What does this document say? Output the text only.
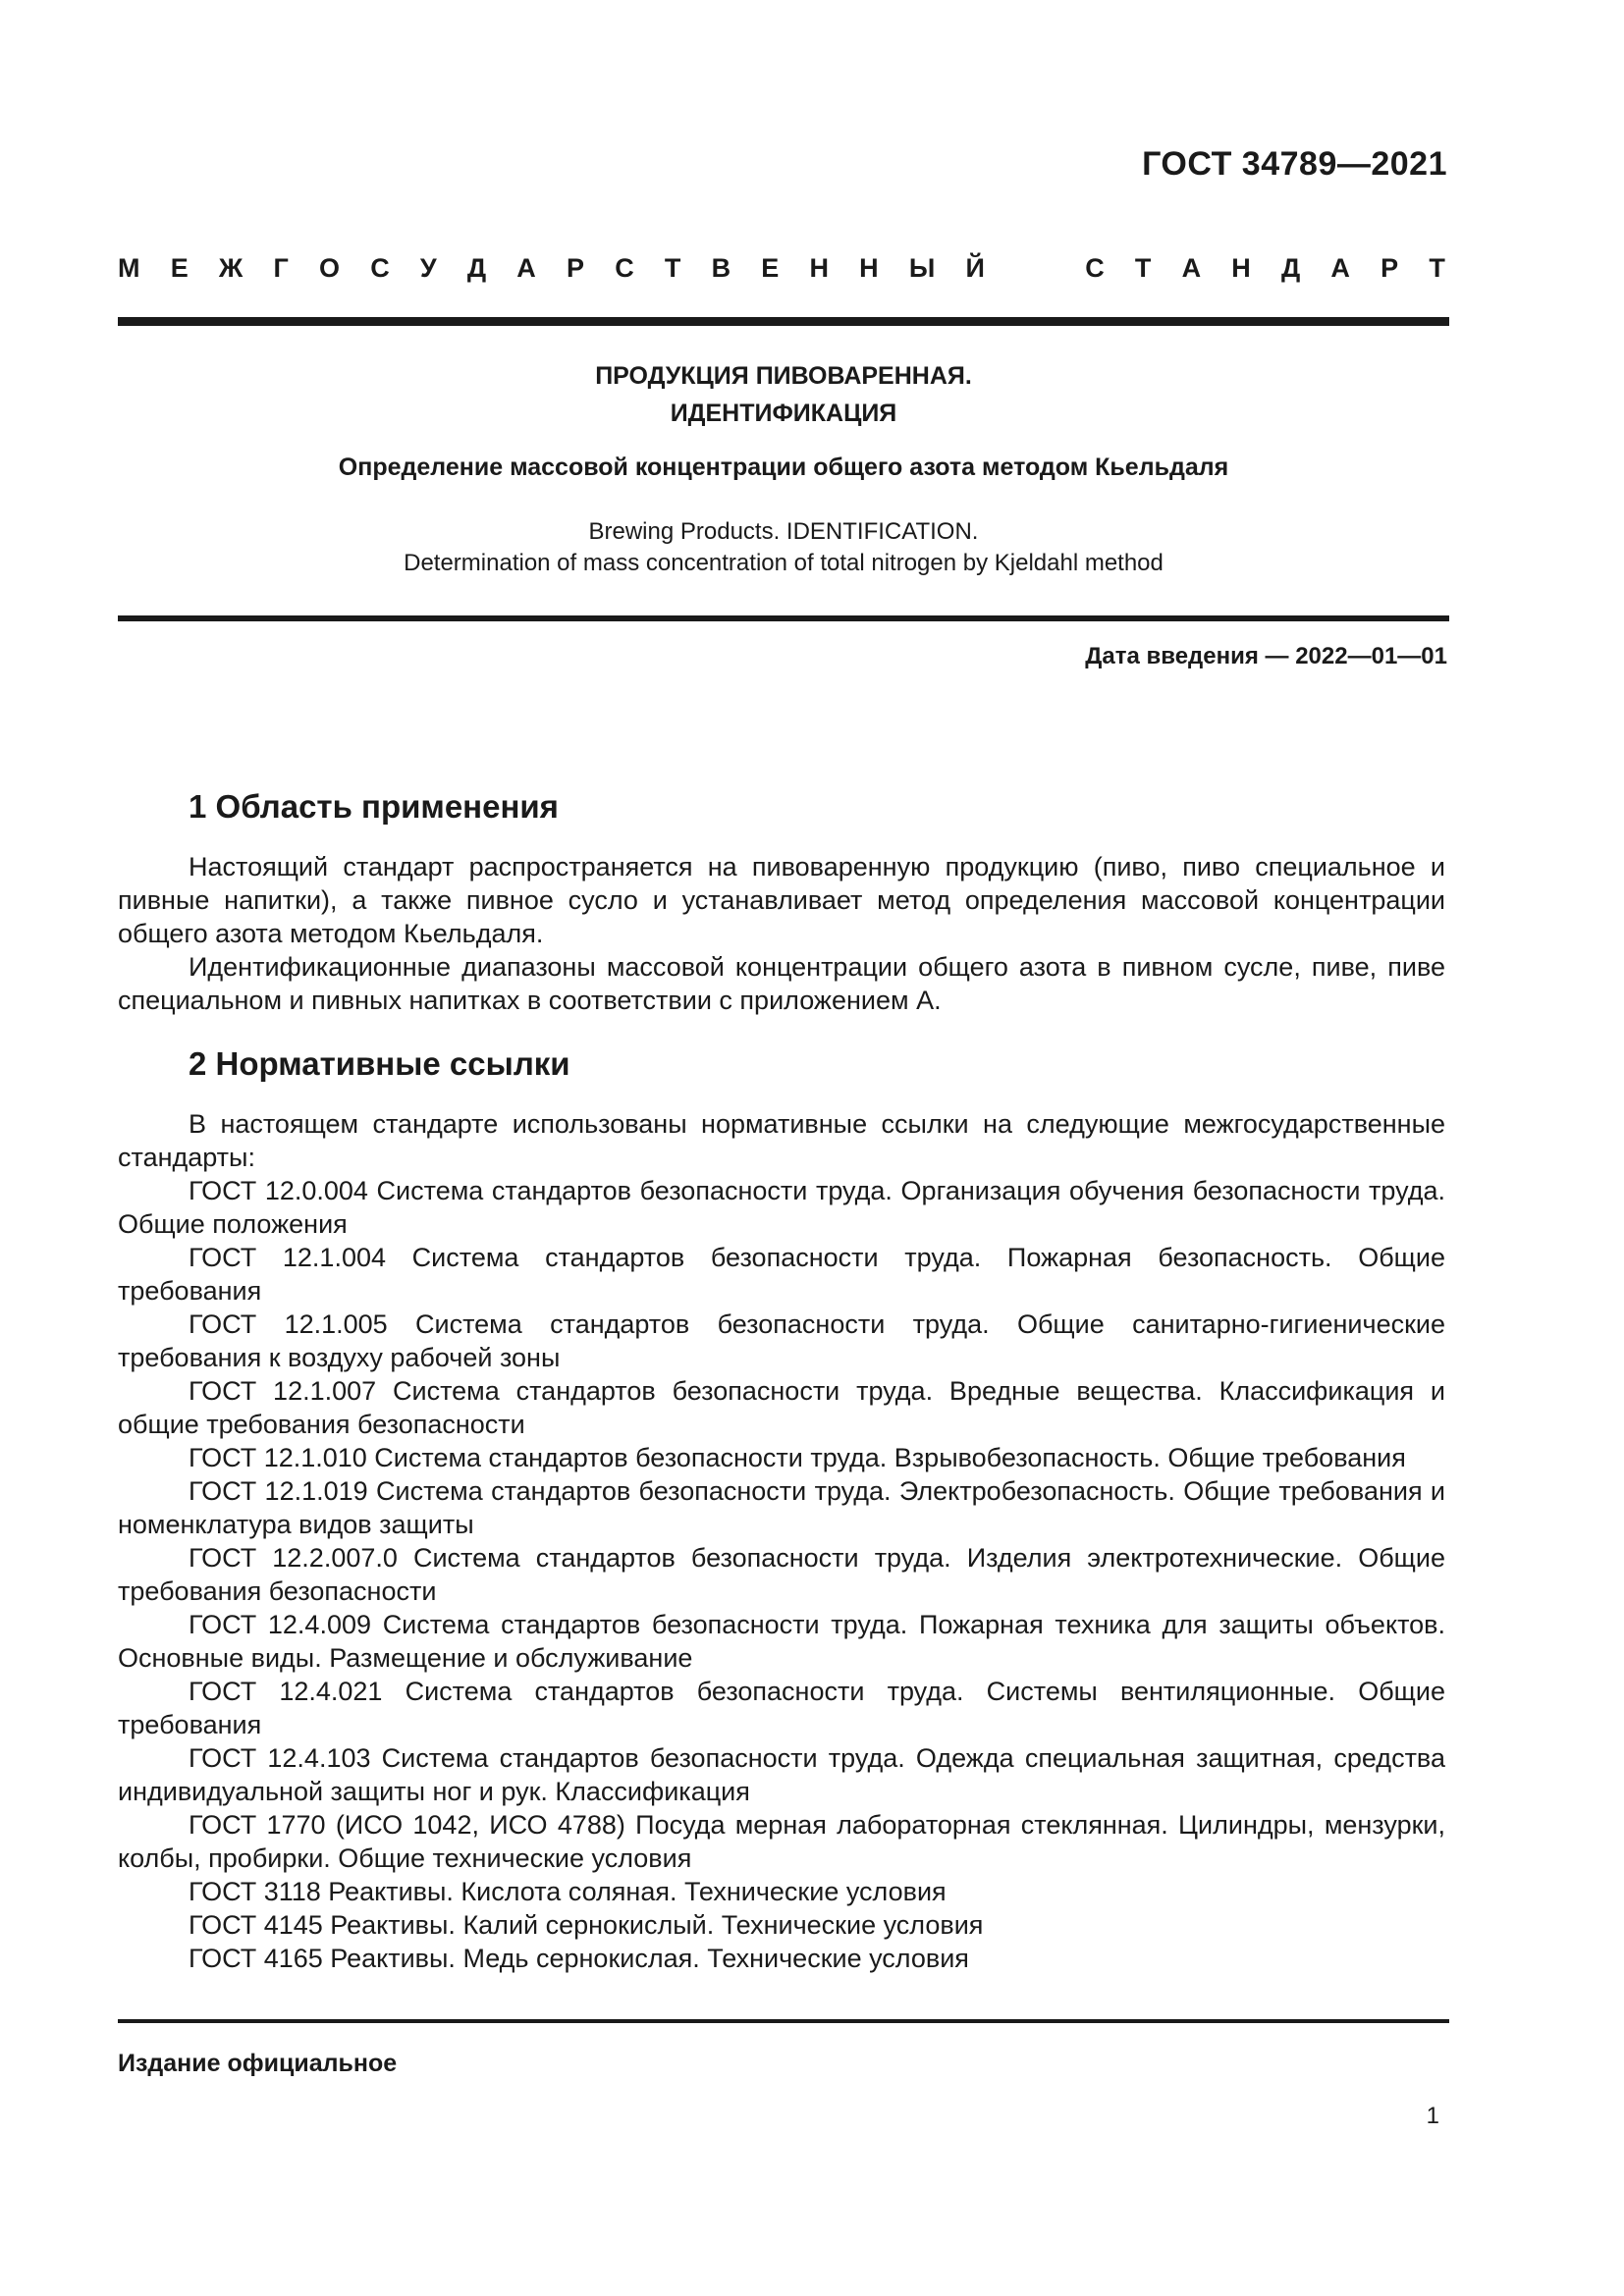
ГОСТ 34789—2021
М Е Ж Г О С У Д А Р С Т В Е Н Н Ы Й	С Т А Н Д А Р Т
ПРОДУКЦИЯ ПИВОВАРЕННАЯ.
ИДЕНТИФИКАЦИЯ
Определение массовой концентрации общего азота методом Кьельдаля
Brewing Products. IDENTIFICATION.
Determination of mass concentration of total nitrogen by Kjeldahl method
Дата введения — 2022—01—01
1 Область применения

Настоящий стандарт распространяется на пивоваренную продукцию (пиво, пиво специальное и пивные напитки), а также пивное сусло и устанавливает метод определения массовой концентрации общего азота методом Кьельдаля.

Идентификационные диапазоны массовой концентрации общего азота в пивном сусле, пиве, пиве специальном и пивных напитках в соответствии с приложением А.

2 Нормативные ссылки

В настоящем стандарте использованы нормативные ссылки на следующие межгосударственные стандарты:

ГОСТ 12.0.004 Система стандартов безопасности труда. Организация обучения безопасности труда. Общие положения

ГОСТ 12.1.004 Система стандартов безопасности труда. Пожарная безопасность. Общие требования

ГОСТ 12.1.005 Система стандартов безопасности труда. Общие санитарно-гигиенические требования к воздуху рабочей зоны

ГОСТ 12.1.007 Система стандартов безопасности труда. Вредные вещества. Классификация и общие требования безопасности

ГОСТ 12.1.010 Система стандартов безопасности труда. Взрывобезопасность. Общие требования

ГОСТ 12.1.019 Система стандартов безопасности труда. Электробезопасность. Общие требования и номенклатура видов защиты

ГОСТ 12.2.007.0 Система стандартов безопасности труда. Изделия электротехнические. Общие требования безопасности

ГОСТ 12.4.009 Система стандартов безопасности труда. Пожарная техника для защиты объектов. Основные виды. Размещение и обслуживание

ГОСТ 12.4.021 Система стандартов безопасности труда. Системы вентиляционные. Общие требования

ГОСТ 12.4.103 Система стандартов безопасности труда. Одежда специальная защитная, средства индивидуальной защиты ног и рук. Классификация

ГОСТ 1770 (ИСО 1042, ИСО 4788) Посуда мерная лабораторная стеклянная. Цилиндры, мензурки, колбы, пробирки. Общие технические условия

ГОСТ 3118 Реактивы. Кислота соляная. Технические условия

ГОСТ 4145 Реактивы. Калий сернокислый. Технические условия

ГОСТ 4165 Реактивы. Медь сернокислая. Технические условия

Издание официальное
1
